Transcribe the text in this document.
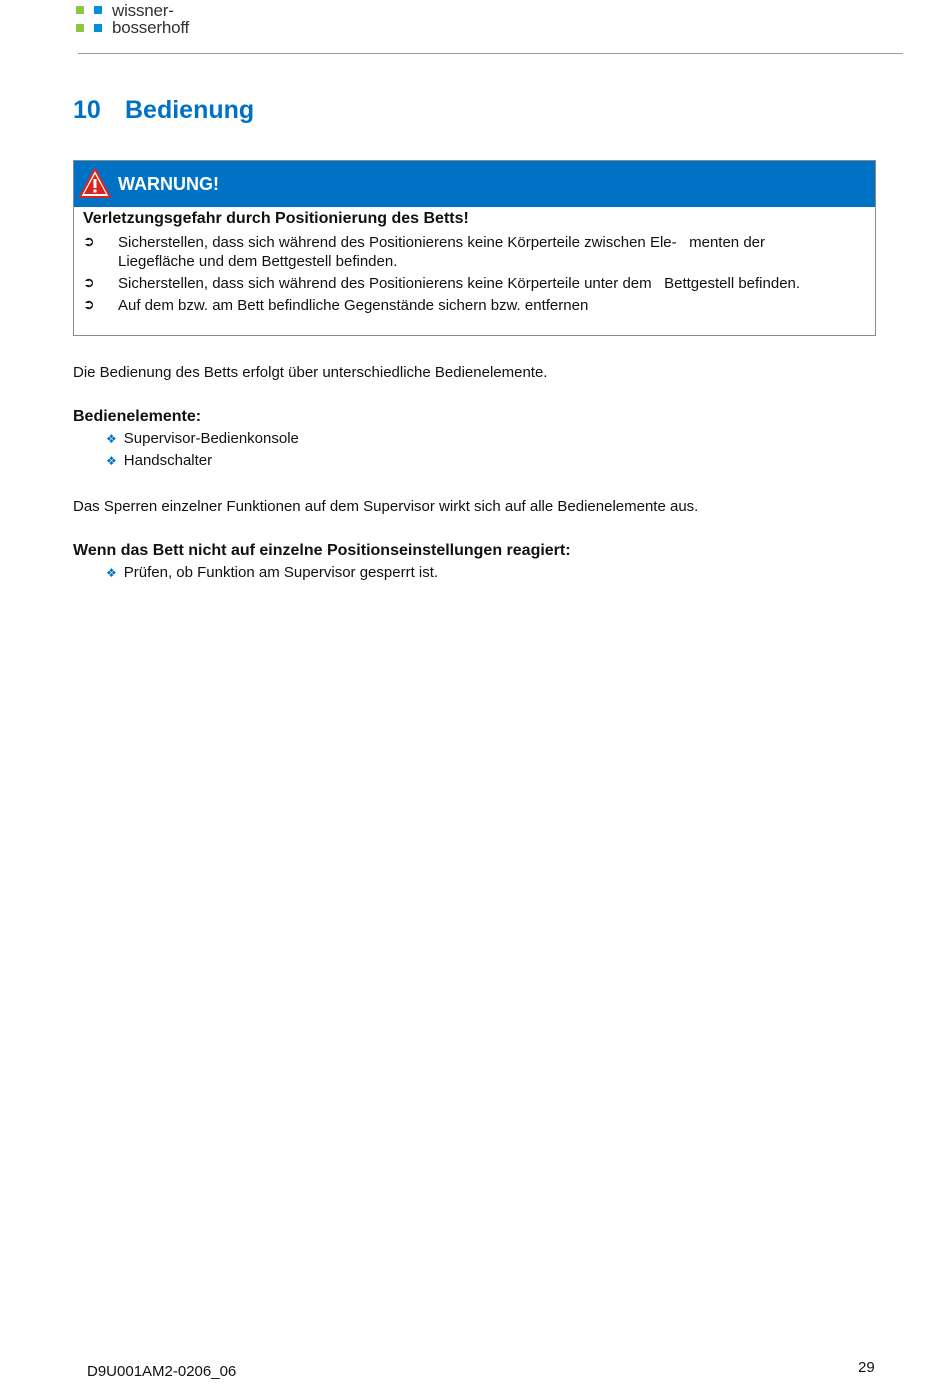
wissner-
bosserhoff
10 Bedienung
WARNUNG!
Verletzungsgefahr durch Positionierung des Betts!
➲ Sicherstellen, dass sich während des Positionierens keine Körperteile zwischen Ele-   menten der
Liegefläche und dem Bettgestell befinden.
➲ Sicherstellen, dass sich während des Positionierens keine Körperteile unter dem   Bettgestell befinden.
➲ Auf dem bzw. am Bett befindliche Gegenstände sichern bzw. entfernen
Die Bedienung des Betts erfolgt über unterschiedliche Bedienelemente.
Bedienelemente:
❖ Supervisor-Bedienkonsole
❖ Handschalter
Das Sperren einzelner Funktionen auf dem Supervisor wirkt sich auf alle Bedienelemente aus.
Wenn das Bett nicht auf einzelne Positionseinstellungen reagiert:
❖ Prüfen, ob Funktion am Supervisor gesperrt ist.
D9U001AM2-0206_06	29
